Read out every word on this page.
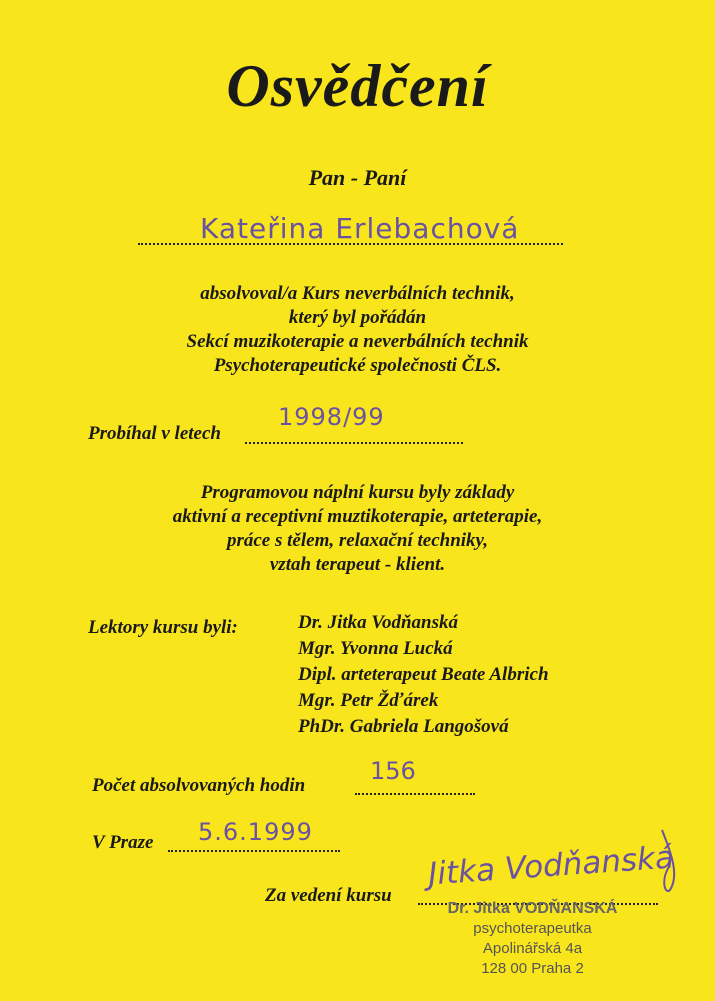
Osvědčení
Pan - Paní
Kateřina Erlebachová
absolvoval/a Kurs neverbálních technik,
který byl pořádán
Sekcí muzikoterapie a neverbálních technik
Psychoterapeutické společnosti ČLS.
Probíhal v letech
1998/99
Programovou náplní kursu byly základy
aktivní a receptivní muztikoterapie, arteterapie,
práce s tělem, relaxační techniky,
vztah terapeut - klient.
Lektory kursu byli:	Dr. Jitka Vodňanská
Mgr. Yvonna Lucká
Dipl. arteterapeut Beate Albrich
Mgr. Petr Žďárek
PhDr. Gabriela Langošová
Počet absolvovaných hodin
156
V Praze 5.6.1999
Za vedení kursu
Jitka Vodňanská
Dr. Jitka VODŇANSKÁ
psychoterapeutka
Apolinářská 4a
128 00 Praha 2
